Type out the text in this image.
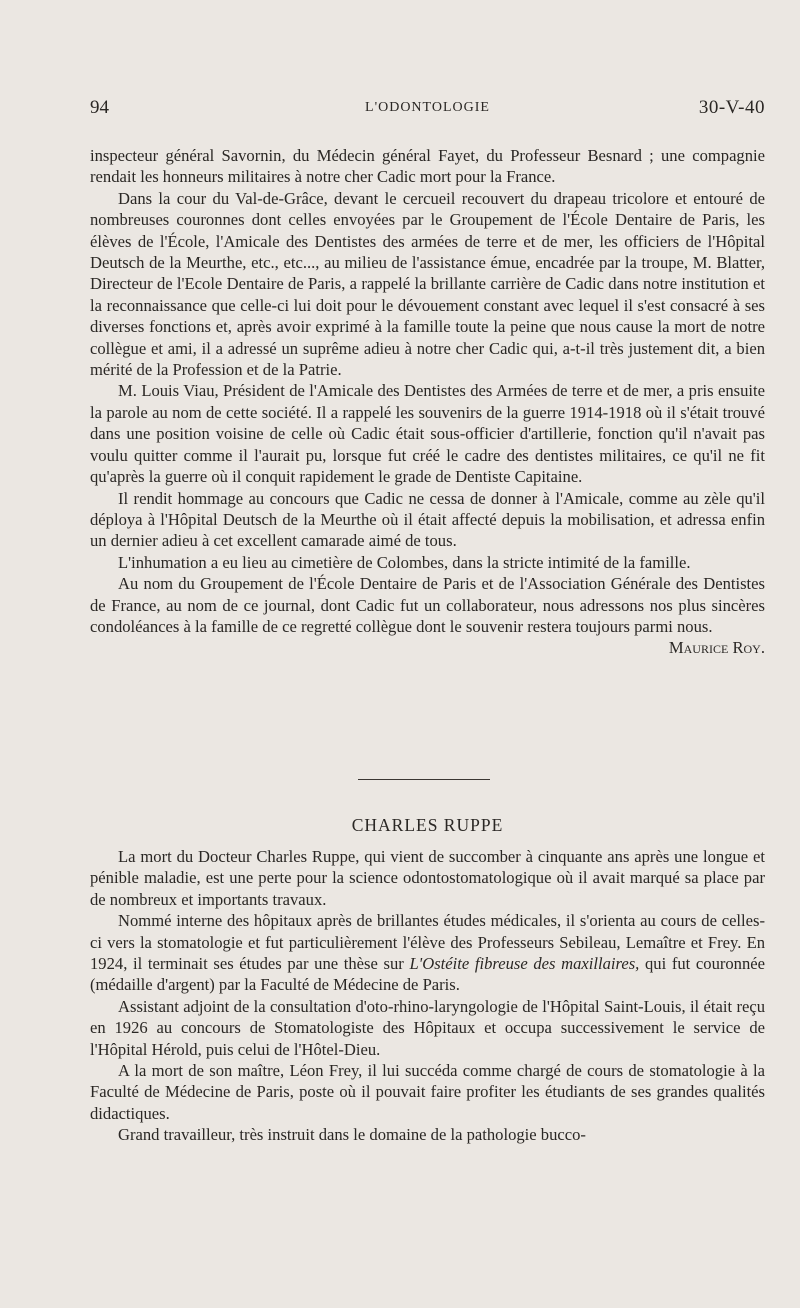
94	L'ODONTOLOGIE	30-V-40

inspecteur général Savornin, du Médecin général Fayet, du Professeur Besnard ; une compagnie rendait les honneurs militaires à notre cher Cadic mort pour la France.

Dans la cour du Val-de-Grâce, devant le cercueil recouvert du drapeau tricolore et entouré de nombreuses couronnes dont celles envoyées par le Groupement de l'École Dentaire de Paris, les élèves de l'École, l'Amicale des Dentistes des armées de terre et de mer, les officiers de l'Hôpital Deutsch de la Meurthe, etc., etc..., au milieu de l'assistance émue, encadrée par la troupe, M. Blatter, Directeur de l'Ecole Dentaire de Paris, a rappelé la brillante carrière de Cadic dans notre institution et la reconnaissance que celle-ci lui doit pour le dévouement constant avec lequel il s'est consacré à ses diverses fonctions et, après avoir exprimé à la famille toute la peine que nous cause la mort de notre collègue et ami, il a adressé un suprême adieu à notre cher Cadic qui, a-t-il très justement dit, a bien mérité de la Profession et de la Patrie.

M. Louis Viau, Président de l'Amicale des Dentistes des Armées de terre et de mer, a pris ensuite la parole au nom de cette société. Il a rappelé les souvenirs de la guerre 1914-1918 où il s'était trouvé dans une position voisine de celle où Cadic était sous-officier d'artillerie, fonction qu'il n'avait pas voulu quitter comme il l'aurait pu, lorsque fut créé le cadre des dentistes militaires, ce qu'il ne fit qu'après la guerre où il conquit rapidement le grade de Dentiste Capitaine.

Il rendit hommage au concours que Cadic ne cessa de donner à l'Amicale, comme au zèle qu'il déploya à l'Hôpital Deutsch de la Meurthe où il était affecté depuis la mobilisation, et adressa enfin un dernier adieu à cet excellent camarade aimé de tous.

L'inhumation a eu lieu au cimetière de Colombes, dans la stricte intimité de la famille.

Au nom du Groupement de l'École Dentaire de Paris et de l'Association Générale des Dentistes de France, au nom de ce journal, dont Cadic fut un collaborateur, nous adressons nos plus sincères condoléances à la famille de ce regretté collègue dont le souvenir restera toujours parmi nous.

Maurice Roy.
CHARLES RUPPE

La mort du Docteur Charles Ruppe, qui vient de succomber à cinquante ans après une longue et pénible maladie, est une perte pour la science odontostomatologique où il avait marqué sa place par de nombreux et importants travaux.

Nommé interne des hôpitaux après de brillantes études médicales, il s'orienta au cours de celles-ci vers la stomatologie et fut particulièrement l'élève des Professeurs Sebileau, Lemaître et Frey. En 1924, il terminait ses études par une thèse sur L'Ostéite fibreuse des maxillaires, qui fut couronnée (médaille d'argent) par la Faculté de Médecine de Paris.

Assistant adjoint de la consultation d'oto-rhino-laryngologie de l'Hôpital Saint-Louis, il était reçu en 1926 au concours de Stomatologiste des Hôpitaux et occupa successivement le service de l'Hôpital Hérold, puis celui de l'Hôtel-Dieu.

A la mort de son maître, Léon Frey, il lui succéda comme chargé de cours de stomatologie à la Faculté de Médecine de Paris, poste où il pouvait faire profiter les étudiants de ses grandes qualités didactiques.

Grand travailleur, très instruit dans le domaine de la pathologie bucco-
